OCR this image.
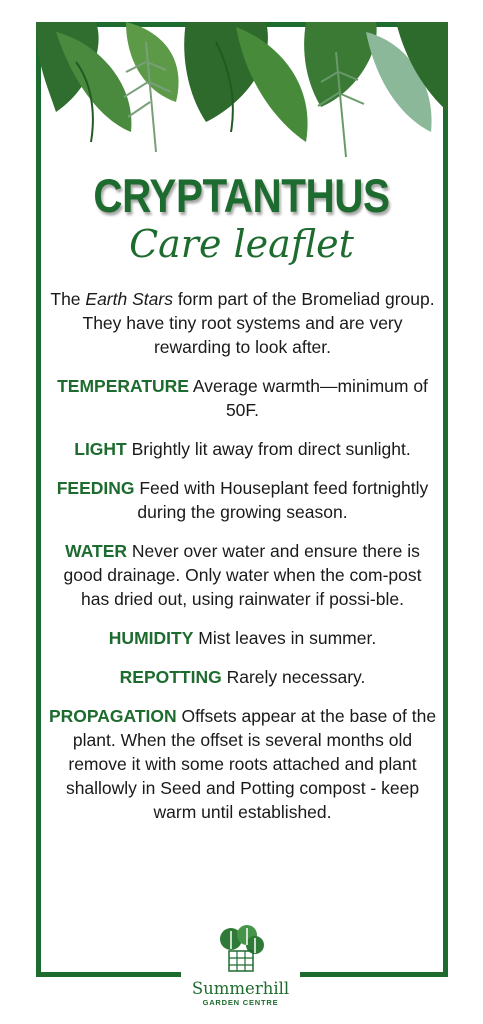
CRYPTANTHUS
Care leaflet

The Earth Stars form part of the Bromeliad group. They have tiny root systems and are very rewarding to look after.

TEMPERATURE Average warmth—minimum of 50F.

LIGHT Brightly lit away from direct sunlight.

FEEDING Feed with Houseplant feed fortnightly during the growing season.

WATER Never over water and ensure there is good drainage. Only water when the com-post has dried out, using rainwater if possi-ble.

HUMIDITY Mist leaves in summer.

REPOTTING Rarely necessary.

PROPAGATION Offsets appear at the base of the plant. When the offset is several months old remove it with some roots attached and plant shallowly in Seed and Potting compost - keep warm until established.

Summerhill
GARDEN CENTRE
